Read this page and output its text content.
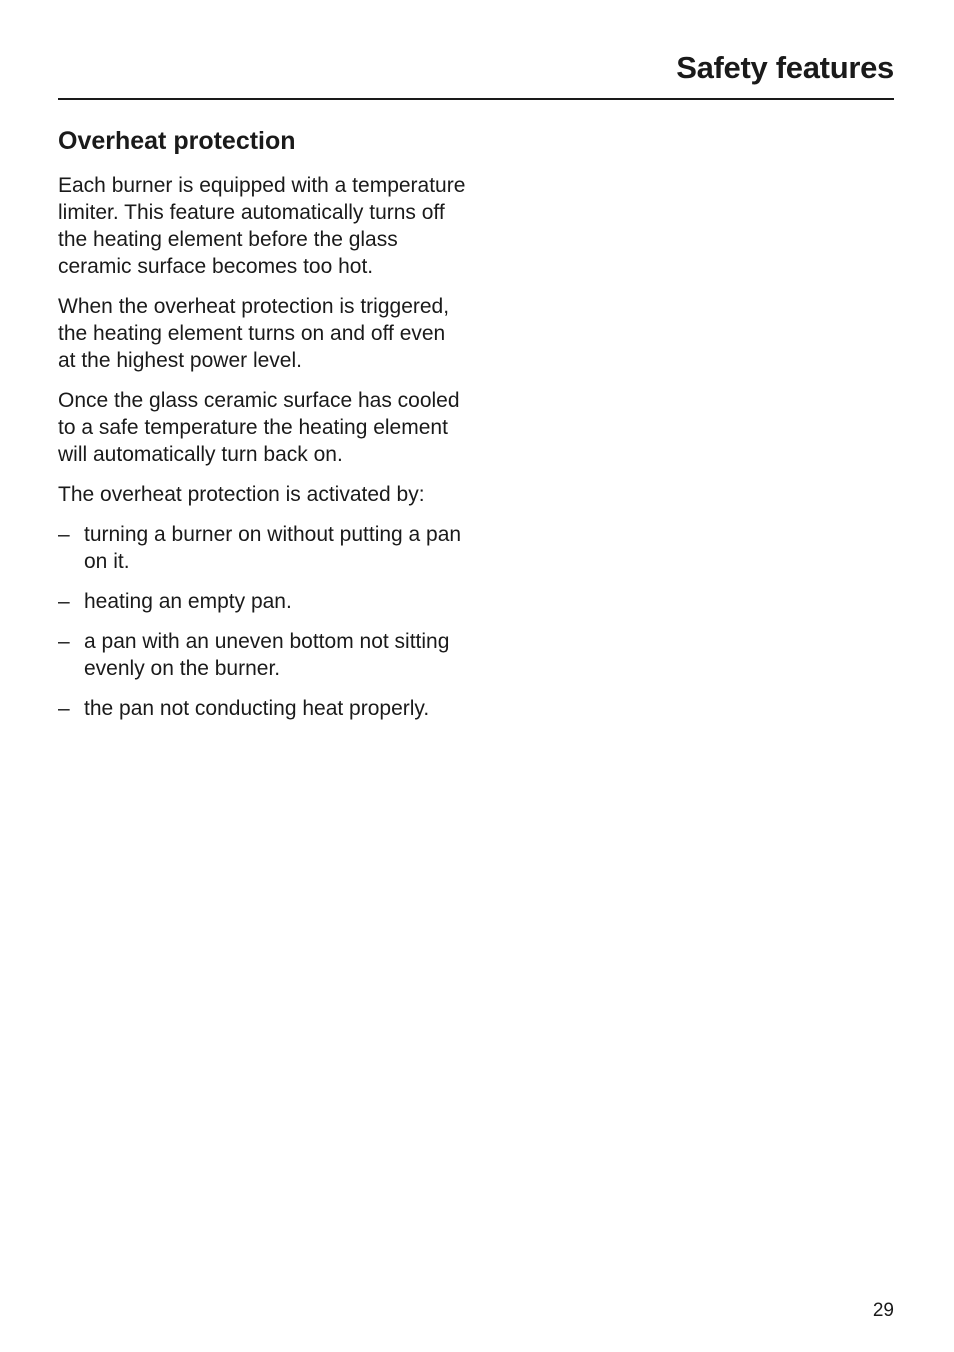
Safety features
Overheat protection

Each burner is equipped with a temperature limiter. This feature automatically turns off the heating element before the glass ceramic surface becomes too hot.

When the overheat protection is triggered, the heating element turns on and off even at the highest power level.

Once the glass ceramic surface has cooled to a safe temperature the heating element will automatically turn back on.

The overheat protection is activated by:

– turning a burner on without putting a pan on it.
– heating an empty pan.
– a pan with an uneven bottom not sitting evenly on the burner.
– the pan not conducting heat properly.
29
